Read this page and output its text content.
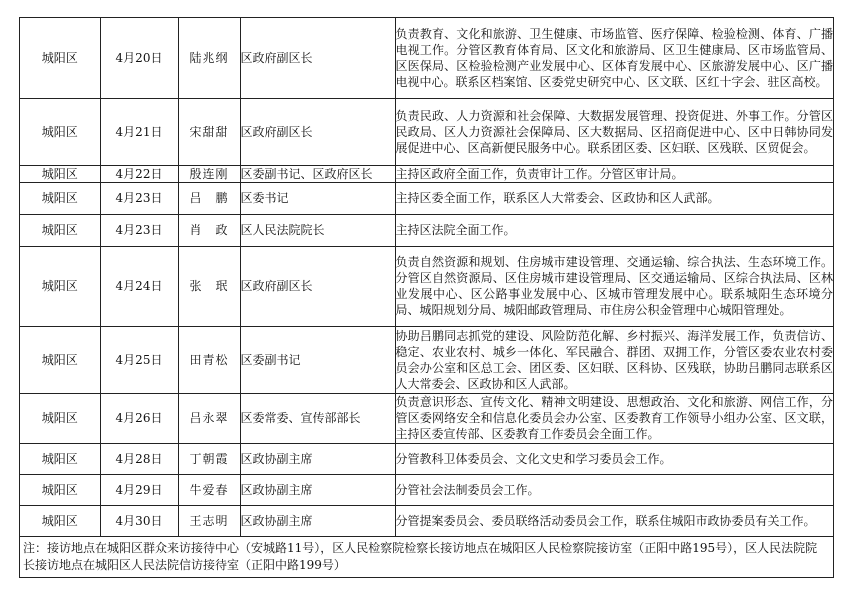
城阳区	4月20日	陆兆纲	区政府副区长	负责教育、文化和旅游、卫生健康、市场监管、医疗保障、检验检测、体育、广播电视工作。分管区教育体育局、区文化和旅游局、区卫生健康局、区市场监管局、区医保局、区检验检测产业发展中心、区体育发展中心、区旅游发展中心、区广播电视中心。联系区档案馆、区委党史研究中心、区文联、区红十字会、驻区高校。

城阳区	4月21日	宋甜甜	区政府副区长	负责民政、人力资源和社会保障、大数据发展管理、投资促进、外事工作。分管区民政局、区人力资源社会保障局、区大数据局、区招商促进中心、区中日韩协同发展促进中心、区高新便民服务中心。联系团区委、区妇联、区残联、区贸促会。

城阳区	4月22日	殷连刚	区委副书记、区政府区长	主持区政府全面工作，负责审计工作。分管区审计局。

城阳区	4月23日	吕　鹏	区委书记	主持区委全面工作，联系区人大常委会、区政协和区人武部。

城阳区	4月23日	肖　政	区人民法院院长	主持区法院全面工作。

城阳区	4月24日	张　珉	区政府副区长	负责自然资源和规划、住房城市建设管理、交通运输、综合执法、生态环境工作。分管区自然资源局、区住房城市建设管理局、区交通运输局、区综合执法局、区林业发展中心、区公路事业发展中心、区城市管理发展中心。联系城阳生态环境分局、城阳规划分局、城阳邮政管理局、市住房公积金管理中心城阳管理处。

城阳区	4月25日	田青松	区委副书记	协助吕鹏同志抓党的建设、风险防范化解、乡村振兴、海洋发展工作，负责信访、稳定、农业农村、城乡一体化、军民融合、群团、双拥工作，分管区委农业农村委员会办公室和区总工会、团区委、区妇联、区科协、区残联，协助吕鹏同志联系区人大常委会、区政协和区人武部。

城阳区	4月26日	吕永翠	区委常委、宣传部部长	负责意识形态、宣传文化、精神文明建设、思想政治、文化和旅游、网信工作，分管区委网络安全和信息化委员会办公室、区委教育工作领导小组办公室、区文联，主持区委宣传部、区委教育工作委员会全面工作。

城阳区	4月28日	丁朝霞	区政协副主席	分管教科卫体委员会、文化文史和学习委员会工作。

城阳区	4月29日	牛爱春	区政协副主席	分管社会法制委员会工作。

城阳区	4月30日	王志明	区政协副主席	分管提案委员会、委员联络活动委员会工作，联系住城阳市政协委员有关工作。
注：接访地点在城阳区群众来访接待中心（安城路11号），区人民检察院检察长接访地点在城阳区人民检察院接访室（正阳中路195号），区人民法院院长接访地点在城阳区人民法院信访接待室（正阳中路199号）
